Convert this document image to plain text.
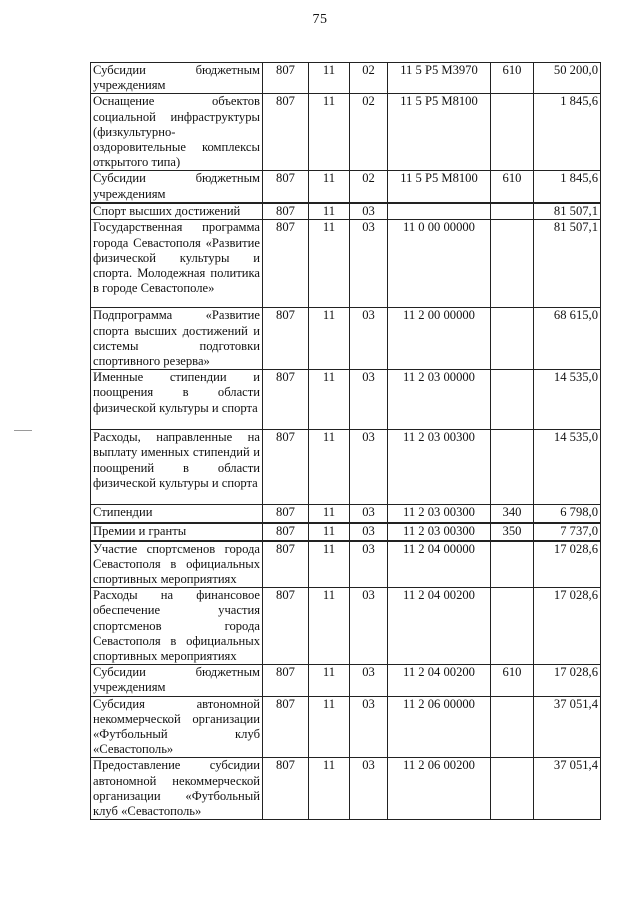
75
Субсидии бюджетным учреждениям	807	11	02	11 5 P5 M3970	610	50 200,0
Оснащение объектов социальной инфраструктуры (физкультурно-оздоровительные комплексы открытого типа)	807	11	02	11 5 P5 M8100		1 845,6
Субсидии бюджетным учреждениям	807	11	02	11 5 P5 M8100	610	1 845,6
Спорт высших достижений	807	11	03			81 507,1
Государственная программа города Севастополя «Развитие физической культуры и спорта. Молодежная политика в городе Севастополе»	807	11	03	11 0 00 00000		81 507,1
Подпрограмма «Развитие спорта высших достижений и системы подготовки спортивного резерва»	807	11	03	11 2 00 00000		68 615,0
Именные стипендии и поощрения в области физической культуры и спорта	807	11	03	11 2 03 00000		14 535,0
Расходы, направленные на выплату именных стипендий и поощрений в области физической культуры и спорта	807	11	03	11 2 03 00300		14 535,0
Стипендии	807	11	03	11 2 03 00300	340	6 798,0
Премии и гранты	807	11	03	11 2 03 00300	350	7 737,0
Участие спортсменов города Севастополя в официальных спортивных мероприятиях	807	11	03	11 2 04 00000		17 028,6
Расходы на финансовое обеспечение участия спортсменов города Севастополя в официальных спортивных мероприятиях	807	11	03	11 2 04 00200		17 028,6
Субсидии бюджетным учреждениям	807	11	03	11 2 04 00200	610	17 028,6
Субсидия автономной некоммерческой организации «Футбольный клуб «Севастополь»	807	11	03	11 2 06 00000		37 051,4
Предоставление субсидии автономной некоммерческой организации «Футбольный клуб «Севастополь»	807	11	03	11 2 06 00200		37 051,4
